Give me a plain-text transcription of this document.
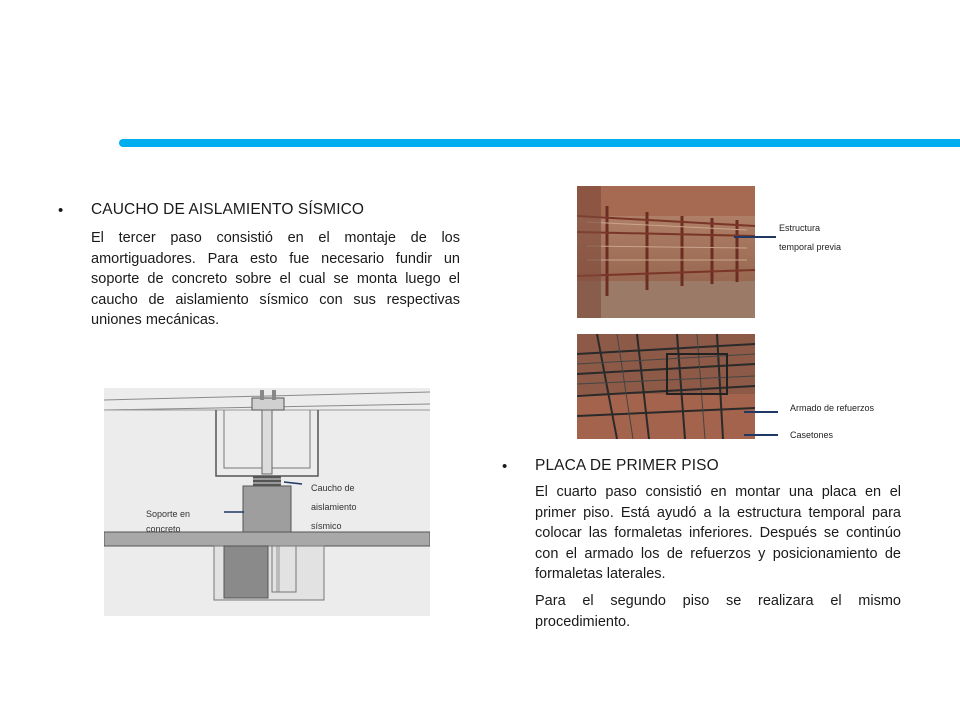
• CAUCHO DE AISLAMIENTO SÍSMICO

El tercer paso consistió en el montaje de los amortiguadores. Para esto fue necesario fundir un soporte de concreto sobre el cual se monta luego el caucho de aislamiento sísmico con sus respectivas uniones mecánicas.

Soporte en
concreto
Caucho de
aislamiento
sísmico
Estructura
temporal previa
Armado de refuerzos
Casetones
• PLACA DE PRIMER PISO

El cuarto paso consistió en montar una placa en el primer piso. Está ayudó a la estructura temporal para colocar las formaletas inferiores. Después se continúo con el armado los de refuerzos y posicionamiento de formaletas laterales.

Para el segundo piso se realizara el mismo procedimiento.
